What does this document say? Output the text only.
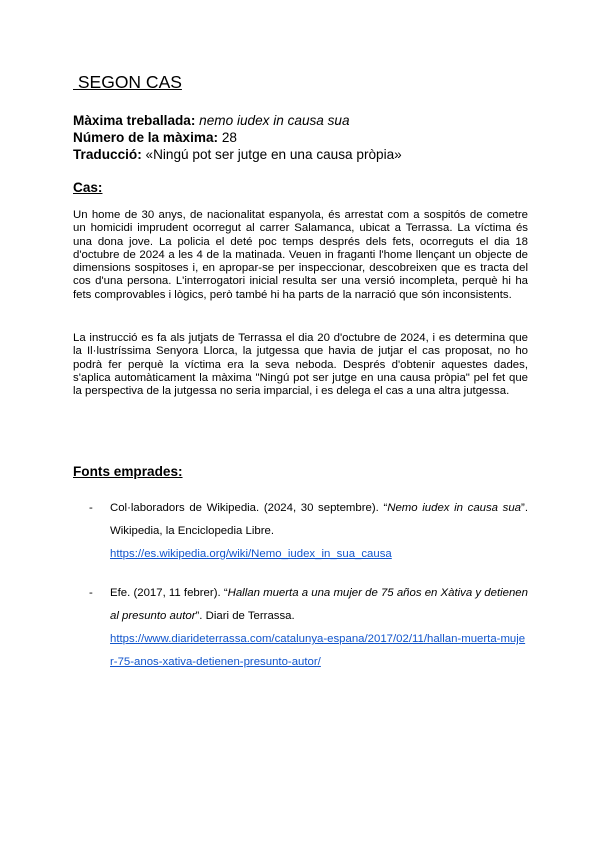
SEGON CAS
Màxima treballada: nemo iudex in causa sua
Número de la màxima: 28
Traducció: «Ningú pot ser jutge en una causa pròpia»
Cas:

Un home de 30 anys, de nacionalitat espanyola, és arrestat com a sospitós de cometre un homicidi imprudent ocorregut al carrer Salamanca, ubicat a Terrassa. La víctima és una dona jove. La policia el deté poc temps després dels fets, ocorreguts el dia 18 d'octubre de 2024 a les 4 de la matinada. Veuen in fraganti l'home llençant un objecte de dimensions sospitoses i, en apropar-se per inspeccionar, descobreixen que es tracta del cos d'una persona. L'interrogatori inicial resulta ser una versió incompleta, perquè hi ha fets comprovables i lògics, però també hi ha parts de la narració que són inconsistents.

La instrucció es fa als jutjats de Terrassa el dia 20 d'octubre de 2024, i es determina que la Il·lustríssima Senyora Llorca, la jutgessa que havia de jutjar el cas proposat, no ho podrà fer perquè la víctima era la seva neboda. Després d'obtenir aquestes dades, s'aplica automàticament la màxima "Ningú pot ser jutge en una causa pròpia" pel fet que la perspectiva de la jutgessa no seria imparcial, i es delega el cas a una altra jutgessa.

Fonts emprades:
- Col·laboradors de Wikipedia. (2024, 30 septembre). “Nemo iudex in causa sua”. Wikipedia, la Enciclopedia Libre.
https://es.wikipedia.org/wiki/Nemo_iudex_in_sua_causa

- Efe. (2017, 11 febrer). “Hallan muerta a una mujer de 75 años en Xàtiva y detienen al presunto autor”. Diari de Terrassa.
https://www.diarideterrassa.com/catalunya-espana/2017/02/11/hallan-muerta-mujer-75-anos-xativa-detienen-presunto-autor/
